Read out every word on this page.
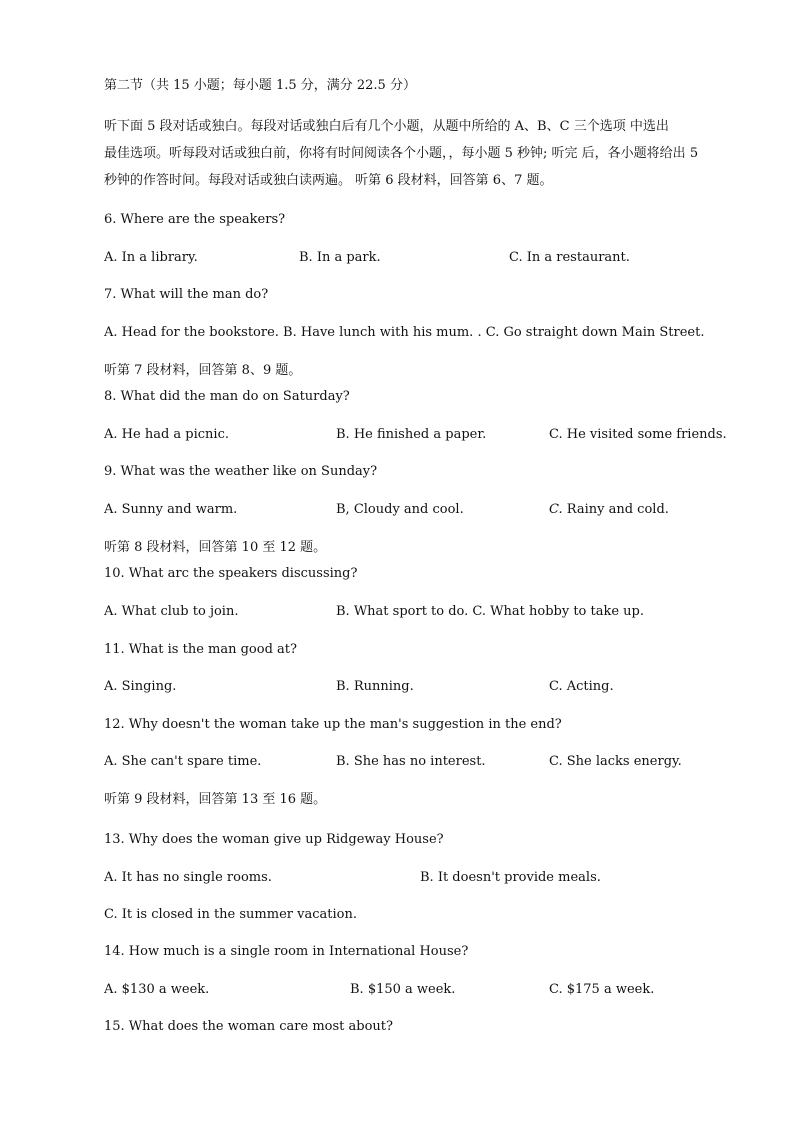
第二节（共 15 小题；每小题 1.5 分，满分 22.5 分）
听下面 5 段对话或独白。每段对话或独白后有几个小题，从题中所给的 A、B、C 三个选项 中选出
最佳选项。听每段对话或独白前，你将有时间阅读各个小题，，每小题 5 秒钟; 听完 后，各小题将给出 5
秒钟的作答时间。每段对话或独白读两遍。 听第 6 段材料，回答第 6、7 题。
6. Where are the speakers?
A. In a library.	B. In a park.	C. In a restaurant.
7. What will the man do?
A. Head for the bookstore. B. Have lunch with his mum. . C. Go straight down Main Street.
听第 7 段材料，回答第 8、9 题。
8. What did the man do on Saturday?
A. He had a picnic.	B. He finished a paper.	C. He visited some friends.
9. What was the weather like on Sunday?
A. Sunny and warm.	B, Cloudy and cool.	C. Rainy and cold.
听第 8 段材料，回答第 10 至 12 题。
10. What arc the speakers discussing?
A. What club to join.	B. What sport to do. C. What hobby to take up.
11. What is the man good at?
A. Singing.	B. Running.	C. Acting.
12. Why doesn't the woman take up the man's suggestion in the end?
A. She can't spare time.	B. She has no interest.	C. She lacks energy.
听第 9 段材料，回答第 13 至 16 题。
13. Why does the woman give up Ridgeway House?
A. It has no single rooms.	B. It doesn't provide meals.
C. It is closed in the summer vacation.
14. How much is a single room in International House?
A. $130 a week.	B. $150 a week.	C. $175 a week.
15. What does the woman care most about?
